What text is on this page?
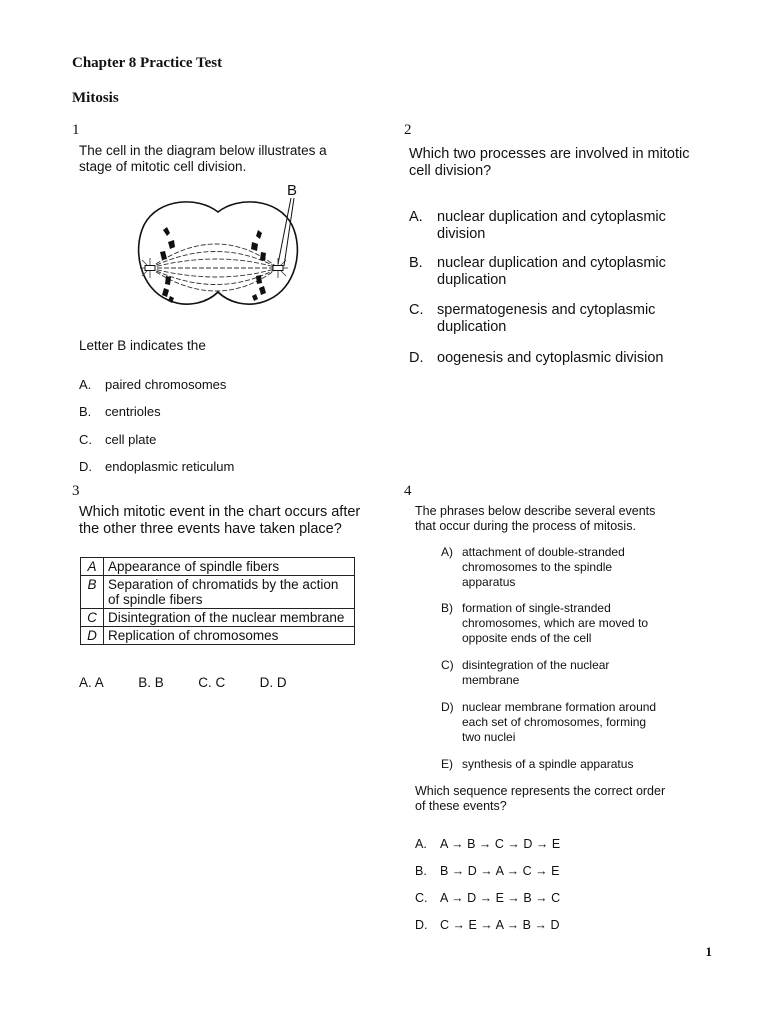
Chapter 8 Practice Test
Mitosis
1
The cell in the diagram below illustrates a
stage of mitotic cell division.
B
Letter B indicates the
A.	paired chromosomes
B.	centrioles
C.	cell plate
D.	endoplasmic reticulum
2
Which two processes are involved in mitotic
cell division?
A. nuclear duplication and cytoplasmic
division
B. nuclear duplication and cytoplasmic
duplication
C. spermatogenesis and cytoplasmic
duplication
D. oogenesis and cytoplasmic division
3
Which mitotic event in the chart occurs after
the other three events have taken place?
A	Appearance of spindle fibers
B	Separation of chromatids by the action
of spindle fibers
C	Disintegration of the nuclear membrane
D	Replication of chromosomes
A. A	B. B	C. C	D. D
4
The phrases below describe several events
that occur during the process of mitosis.
A) attachment of double-stranded
chromosomes to the spindle
apparatus
B) formation of single-stranded
chromosomes, which are moved to
opposite ends of the cell
C) disintegration of the nuclear
membrane
D) nuclear membrane formation around
each set of chromosomes, forming
two nuclei
E) synthesis of a spindle apparatus
Which sequence represents the correct order
of these events?
A.	A → B → C → D → E
B.	B → D → A → C → E
C.	A → D → E → B → C
D.	C → E → A → B → D
1
